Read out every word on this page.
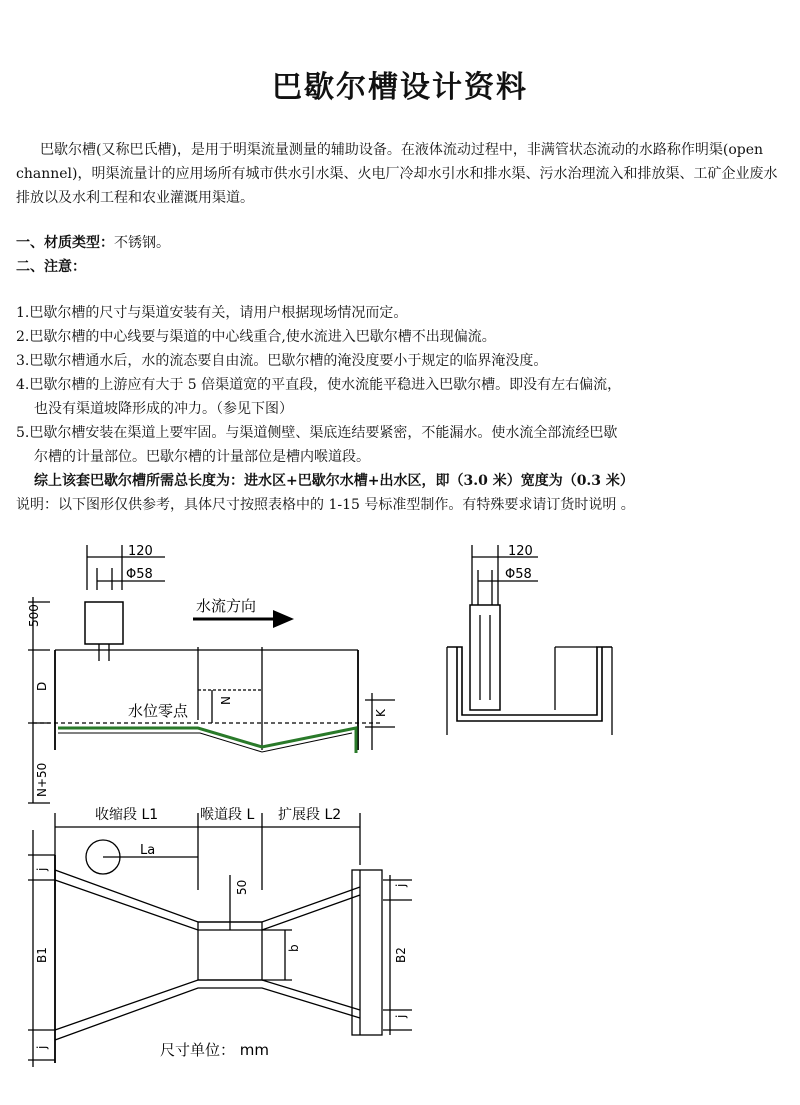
巴歇尔槽设计资料
巴歇尔槽(又称巴氏槽)，是用于明渠流量测量的辅助设备。在液体流动过程中，非满管状态流动的水路称作明渠(open channel)，明渠流量计的应用场所有城市供水引水渠、火电厂冷却水引水和排水渠、污水治理流入和排放渠、工矿企业废水排放以及水利工程和农业灌溉用渠道。
一、材质类型：不锈钢。
二、注意：
1.巴歇尔槽的尺寸与渠道安装有关，请用户根据现场情况而定。
2.巴歇尔槽的中心线要与渠道的中心线重合,使水流进入巴歇尔槽不出现偏流。
3.巴歇尔槽通水后，水的流态要自由流。巴歇尔槽的淹没度要小于规定的临界淹没度。
4.巴歇尔槽的上游应有大于 5 倍渠道宽的平直段，使水流能平稳进入巴歇尔槽。即没有左右偏流，
也没有渠道坡降形成的冲力。（参见下图）
5.巴歇尔槽安装在渠道上要牢固。与渠道侧壁、渠底连结要紧密，不能漏水。使水流全部流经巴歇
尔槽的计量部位。巴歇尔槽的计量部位是槽内喉道段。
综上该套巴歇尔槽所需总长度为：进水区+巴歇尔水槽+出水区，即（3.0 米）宽度为（0.3 米）
说明：以下图形仅供参考，具体尺寸按照表格中的 1-15 号标准型制作。有特殊要求请订货时说明 。
120
Φ58
水流方向
500
D
N
K
水位零点
N+50
120
Φ58
收缩段 L1	喉道段 L 扩展段 L2
La
50
j
B1
j
b
j
B2
j
尺寸单位： mm
